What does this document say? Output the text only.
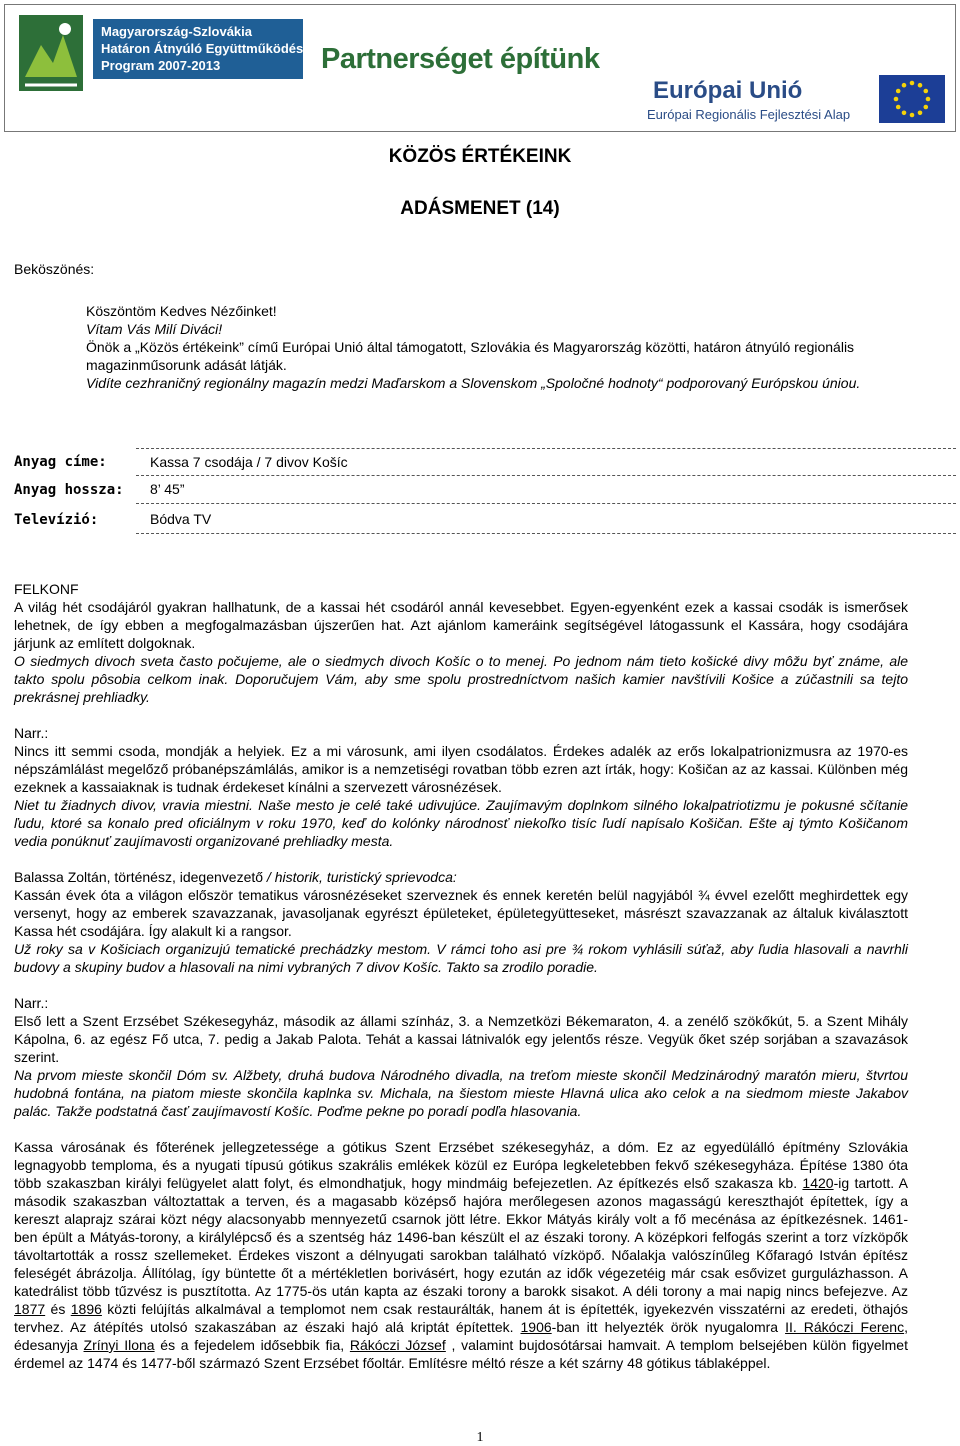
Magyarország-Szlovákia
Határon Átnyúló Együttműködési
Program 2007-2013	Partnerséget építünk
Európai Unió
Európai Regionális Fejlesztési Alap
KÖZÖS ÉRTÉKEINK
ADÁSMENET (14)
Beköszönés:
Köszöntöm Kedves Nézőinket!
Vítam Vás Milí Diváci!
Önök a „Közös értékeink” című Európai Unió által támogatott, Szlovákia és Magyarország közötti, határon átnyúló regionális magazinműsorunk adását látják.
Vidíte cezhraničný regionálny magazín medzi Maďarskom a Slovenskom „Spoločné hodnoty“ podporovaný Európskou úniou.
Anyag címe:	Kassa 7 csodája / 7 divov Košíc
Anyag hossza:	8’ 45”
Televízió:	Bódva TV
FELKONF
A világ hét csodájáról gyakran hallhatunk, de a kassai hét csodáról annál kevesebbet. Egyen-egyenként ezek a kassai csodák is ismerősek lehetnek, de így ebben a megfogalmazásban újszerűen hat. Azt ajánlom kameráink segítségével látogassunk el Kassára, hogy csodájára járjunk az említett dolgoknak.
O siedmych divoch sveta často počujeme, ale o siedmych divoch Košíc o to menej. Po jednom nám tieto košické divy môžu byť známe, ale takto spolu pôsobia celkom inak. Doporučujem Vám, aby sme spolu prostredníctvom našich kamier navštívili Košice a zúčastnili sa tejto prekrásnej prehliadky.
Narr.:
Nincs itt semmi csoda, mondják a helyiek. Ez a mi városunk, ami ilyen csodálatos. Érdekes adalék az erős lokalpatrionizmusra az 1970-es népszámlálást megelőző próbanépszámlálás, amikor is a nemzetiségi rovatban több ezren azt írták, hogy: Košičan az az kassai. Különben még ezeknek a kassaiaknak is tudnak érdekeset kínálni a szervezett városnézések.
Niet tu žiadnych divov, vravia miestni. Naše mesto je celé také udivujúce. Zaujímavým doplnkom silného lokalpatriotizmu je pokusné sčítanie ľudu, ktoré sa konalo pred oficiálnym v roku 1970, keď do kolónky národnosť niekoľko tisíc ľudí napísalo Košičan. Ešte aj týmto Košičanom vedia ponúknuť zaujímavosti organizované prehliadky mesta.
Balassa Zoltán, történész, idegenvezető / historik, turistický sprievodca:
Kassán évek óta a világon először tematikus városnézéseket szerveznek és ennek keretén belül nagyjából ¾ évvel ezelőtt meghirdettek egy versenyt, hogy az emberek szavazzanak, javasoljanak egyrészt épületeket, épületegyütteseket, másrészt szavazzanak az általuk kiválasztott Kassa hét csodájára. Így alakult ki a rangsor.
Už roky sa v Košiciach organizujú tematické prechádzky mestom. V rámci toho asi pre ¾ rokom vyhlásili súťaž, aby ľudia hlasovali a navrhli budovy a skupiny budov a hlasovali na nimi vybraných 7 divov Košíc. Takto sa zrodilo poradie.
Narr.:
Első lett a Szent Erzsébet Székesegyház, második az állami színház, 3. a Nemzetközi Békemaraton, 4. a zenélő szökőkút, 5. a Szent Mihály Kápolna, 6. az egész Fő utca, 7. pedig a Jakab Palota. Tehát a kassai látnivalók egy jelentős része. Vegyük őket szép sorjában a szavazások szerint.
Na prvom mieste skončil Dóm sv. Alžbety, druhá budova Národného divadla, na treťom mieste skončil Medzinárodný maratón mieru, štvrtou hudobná fontána, na piatom mieste skončila kaplnka sv. Michala, na šiestom mieste Hlavná ulica ako celok a na siedmom mieste Jakabov palác. Takže podstatná časť zaujímavostí Košíc. Poďme pekne po poradí podľa hlasovania.
Kassa városának és főterének jellegzetessége a gótikus Szent Erzsébet székesegyház, a dóm. Ez az egyedülálló építmény Szlovákia legnagyobb temploma, és a nyugati típusú gótikus szakrális emlékek közül ez Európa legkeletebben fekvő székesegyháza. Építése 1380 óta több szakaszban királyi felügyelet alatt folyt, és elmondhatjuk, hogy mindmáig befejezetlen. Az építkezés első szakasza kb. 1420-ig tartott. A második szakaszban változtattak a terven, és a magasabb középső hajóra merőlegesen azonos magasságú kereszthajót építettek, így a kereszt alaprajz szárai közt négy alacsonyabb mennyezetű csarnok jött létre. Ekkor Mátyás király volt a fő mecénása az építkezésnek. 1461-ben épült a Mátyás-torony, a királylépcső és a szentség ház 1496-ban készült el az északi torony. A középkori felfogás szerint a torz vízköpők távoltartották a rossz szellemeket. Érdekes viszont a délnyugati sarokban található vízköpő. Nőalakja valószínűleg Kőfaragó István építész feleségét ábrázolja. Állítólag, így büntette őt a mértékletlen borivásért, hogy ezután az idők végezetéig már csak esővizet gurgulázhasson. A katedrálist több tűzvész is pusztította. Az 1775-ös után kapta az északi torony a barokk sisakot. A déli torony a mai napig nincs befejezve. Az 1877 és 1896 közti felújítás alkalmával a templomot nem csak restaurálták, hanem át is építették, igyekezvén visszatérni az eredeti, öthajós tervhez. Az átépítés utolsó szakaszában az északi hajó alá kriptát építettek. 1906-ban itt helyezték örök nyugalomra II. Rákóczi Ferenc, édesanyja Zrínyi Ilona és a fejedelem idősebbik fia, Rákóczi József , valamint bujdosótársai hamvait. A templom belsejében külön figyelmet érdemel az 1474 és 1477-ből származó Szent Erzsébet főoltár. Említésre méltó része a két szárny 48 gótikus táblaképpel.
1
